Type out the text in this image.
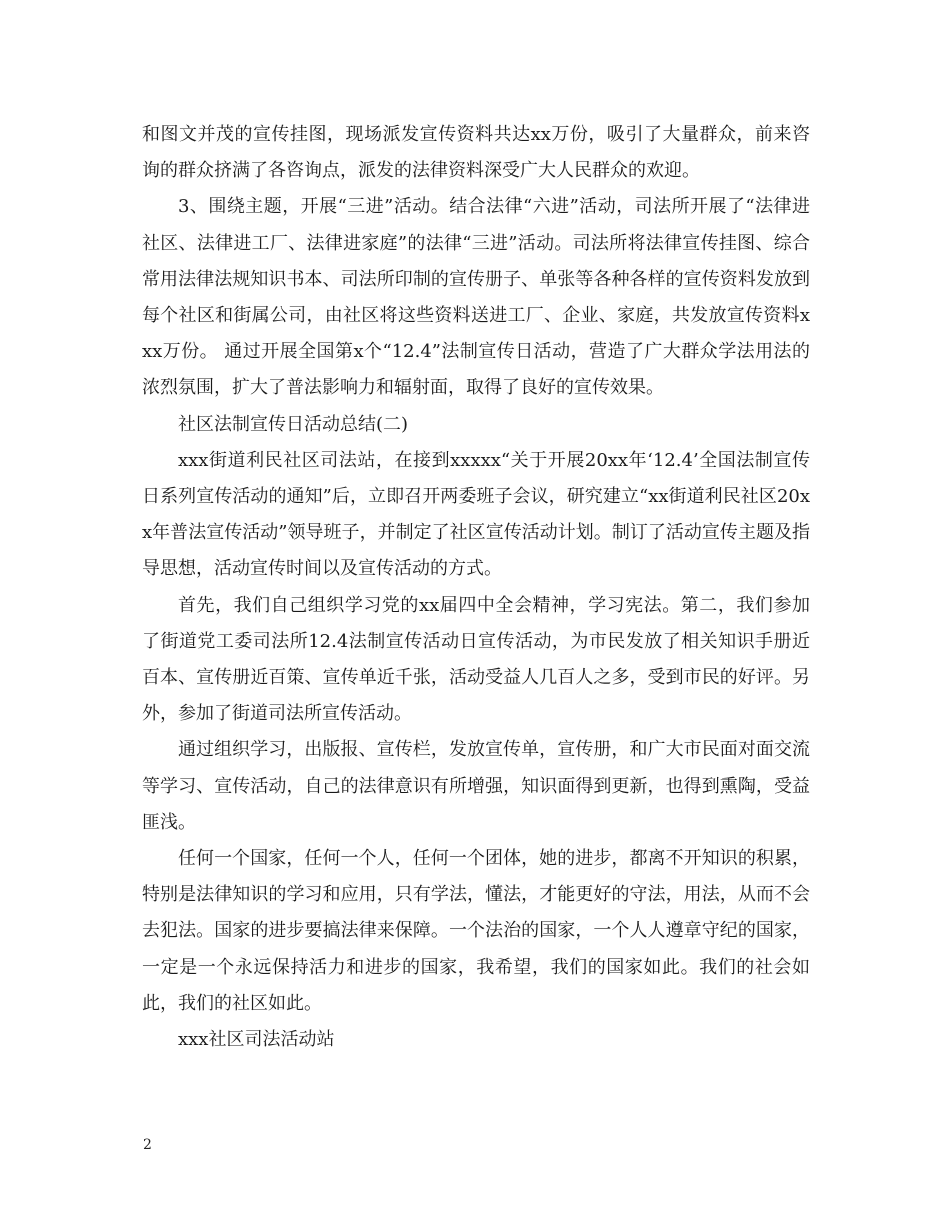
和图文并茂的宣传挂图，现场派发宣传资料共达xx万份，吸引了大量群众，前来咨询的群众挤满了各咨询点，派发的法律资料深受广大人民群众的欢迎。

3、围绕主题，开展“三进”活动。结合法律“六进”活动，司法所开展了“法律进社区、法律进工厂、法律进家庭”的法律“三进”活动。司法所将法律宣传挂图、综合常用法律法规知识书本、司法所印制的宣传册子、单张等各种各样的宣传资料发放到每个社区和街属公司，由社区将这些资料送进工厂、企业、家庭，共发放宣传资料xxx万份。 通过开展全国第x个“12.4”法制宣传日活动，营造了广大群众学法用法的浓烈氛围，扩大了普法影响力和辐射面，取得了良好的宣传效果。

社区法制宣传日活动总结(二)

xxx街道利民社区司法站，在接到xxxxx“关于开展20xx年‘12.4’全国法制宣传日系列宣传活动的通知”后，立即召开两委班子会议，研究建立“xx街道利民社区20xx年普法宣传活动”领导班子，并制定了社区宣传活动计划。制订了活动宣传主题及指导思想，活动宣传时间以及宣传活动的方式。

首先，我们自己组织学习党的xx届四中全会精神，学习宪法。第二，我们参加了街道党工委司法所12.4法制宣传活动日宣传活动，为市民发放了相关知识手册近百本、宣传册近百策、宣传单近千张，活动受益人几百人之多，受到市民的好评。另外，参加了街道司法所宣传活动。

通过组织学习，出版报、宣传栏，发放宣传单，宣传册，和广大市民面对面交流等学习、宣传活动，自己的法律意识有所增强，知识面得到更新，也得到熏陶，受益匪浅。

任何一个国家，任何一个人，任何一个团体，她的进步，都离不开知识的积累，特别是法律知识的学习和应用，只有学法，懂法，才能更好的守法，用法，从而不会去犯法。国家的进步要搞法律来保障。一个法治的国家，一个人人遵章守纪的国家，一定是一个永远保持活力和进步的国家，我希望，我们的国家如此。我们的社会如此，我们的社区如此。

xxx社区司法活动站

2
